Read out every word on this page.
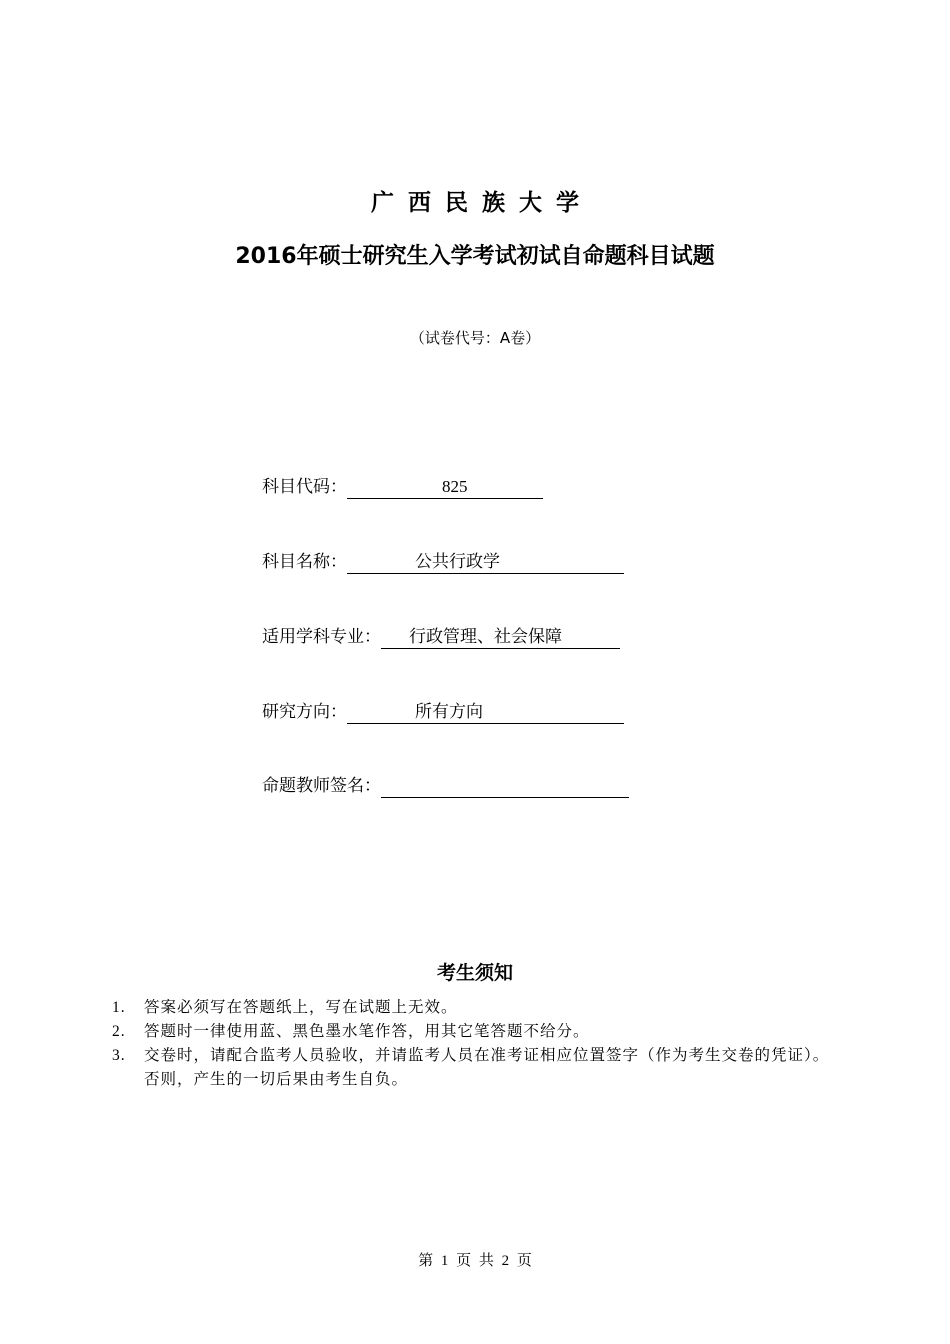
广西民族大学
2016年硕士研究生入学考试初试自命题科目试题
（试卷代号：A卷）
科目代码：	825
科目名称：	公共行政学
适用学科专业： 行政管理、社会保障
研究方向：	所有方向
命题教师签名：
考生须知
1. 答案必须写在答题纸上，写在试题上无效。
2. 答题时一律使用蓝、黑色墨水笔作答，用其它笔答题不给分。
3. 交卷时，请配合监考人员验收，并请监考人员在准考证相应位置签字（作为考生交卷的凭证）。否则，产生的一切后果由考生自负。
第 1 页 共 2 页
